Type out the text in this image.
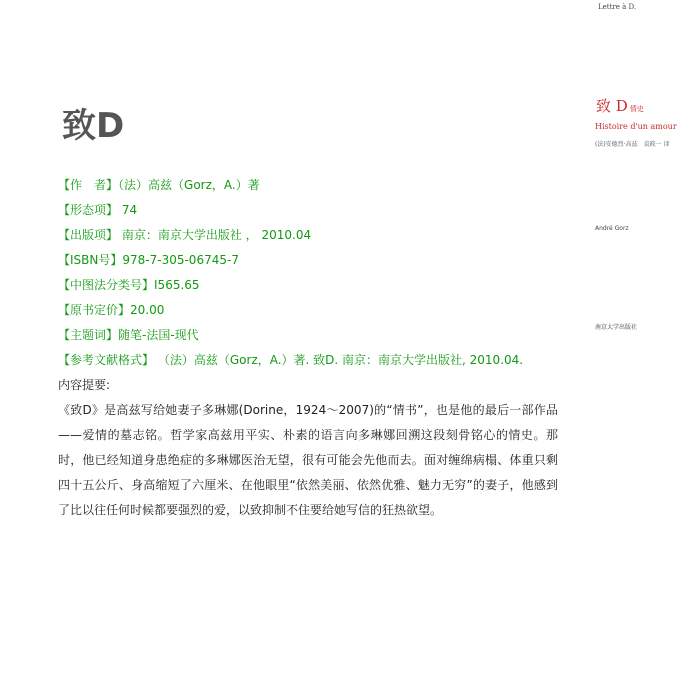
致D
【作　者】（法）高兹（Gorz，A.）著
【形态项】 74
【出版项】 南京：南京大学出版社 ， 2010.04
【ISBN号】978-7-305-06745-7
【中图法分类号】I565.65
【原书定价】20.00
【主题词】随笔-法国-现代
【参考文献格式】 （法）高兹（Gorz，A.）著. 致D. 南京：南京大学出版社, 2010.04.

内容提要:

《致D》是高兹写给她妻子多琳娜(Dorine，1924～2007)的“情书”，也是他的最后一部作品——爱情的墓志铭。哲学家高兹用平实、朴素的语言向多琳娜回溯这段刻骨铭心的情史。那时，他已经知道身患绝症的多琳娜医治无望，很有可能会先他而去。面对缠绵病榻、体重只剩四十五公斤、身高缩短了六厘米、在他眼里“依然美丽、依然优雅、魅力无穷”的妻子，他感到了比以往任何时候都要强烈的爱，以致抑制不住要给她写信的狂热欲望。

Lettre à D.
致 D 情史
Histoire d'un amour
(法)安德烈·高兹　袁筱一 译
André Gorz
南京大学出版社
